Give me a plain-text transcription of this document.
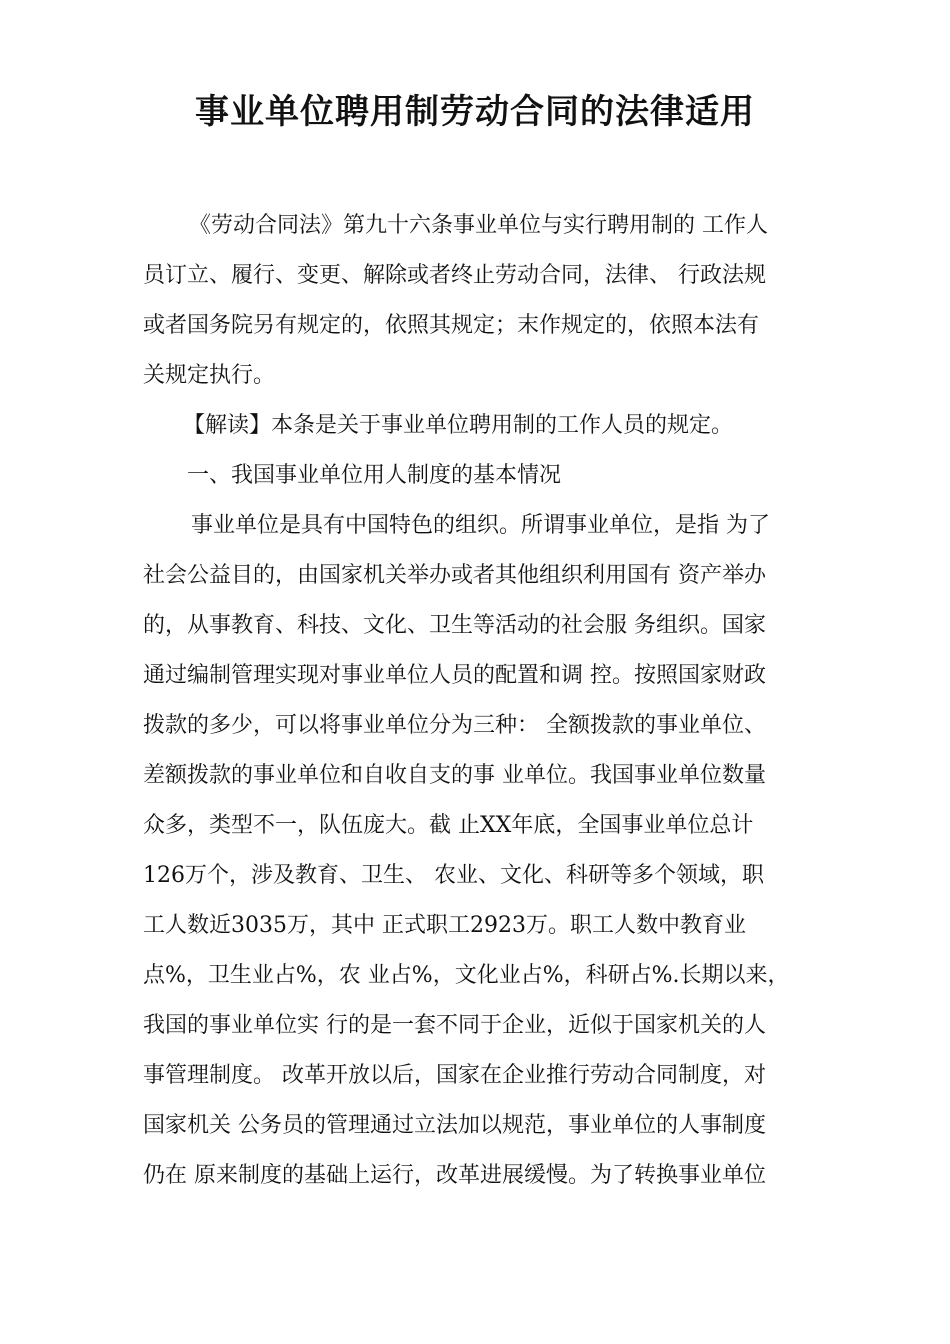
事业单位聘用制劳动合同的法律适用

《劳动合同法》第九十六条事业单位与实行聘用制的 工作人

员订立、履行、变更、解除或者终止劳动合同，法律、 行政法规

或者国务院另有规定的，依照其规定；末作规定的，依照本法有

关规定执行。

【解读】本条是关于事业单位聘用制的工作人员的规定。

一、我国事业单位用人制度的基本情况

事业单位是具有中国特色的组织。所谓事业单位，是指 为了

社会公益目的，由国家机关举办或者其他组织利用国有 资产举办

的，从事教育、科技、文化、卫生等活动的社会服 务组织。国家

通过编制管理实现对事业单位人员的配置和调 控。按照国家财政

拨款的多少，可以将事业单位分为三种： 全额拨款的事业单位、

差额拨款的事业单位和自收自支的事 业单位。我国事业单位数量

众多，类型不一，队伍庞大。截 止XX年底，全国事业单位总计

126万个，涉及教育、卫生、 农业、文化、科研等多个领域，职

工人数近3035万，其中 正式职工2923万。职工人数中教育业

点%，卫生业占%，农 业占%，文化业占%，科研占%.长期以来，

我国的事业单位实 行的是一套不同于企业，近似于国家机关的人

事管理制度。 改革开放以后，国家在企业推行劳动合同制度，对

国家机关 公务员的管理通过立法加以规范，事业单位的人事制度

仍在 原来制度的基础上运行，改革进展缓慢。为了转换事业单位
